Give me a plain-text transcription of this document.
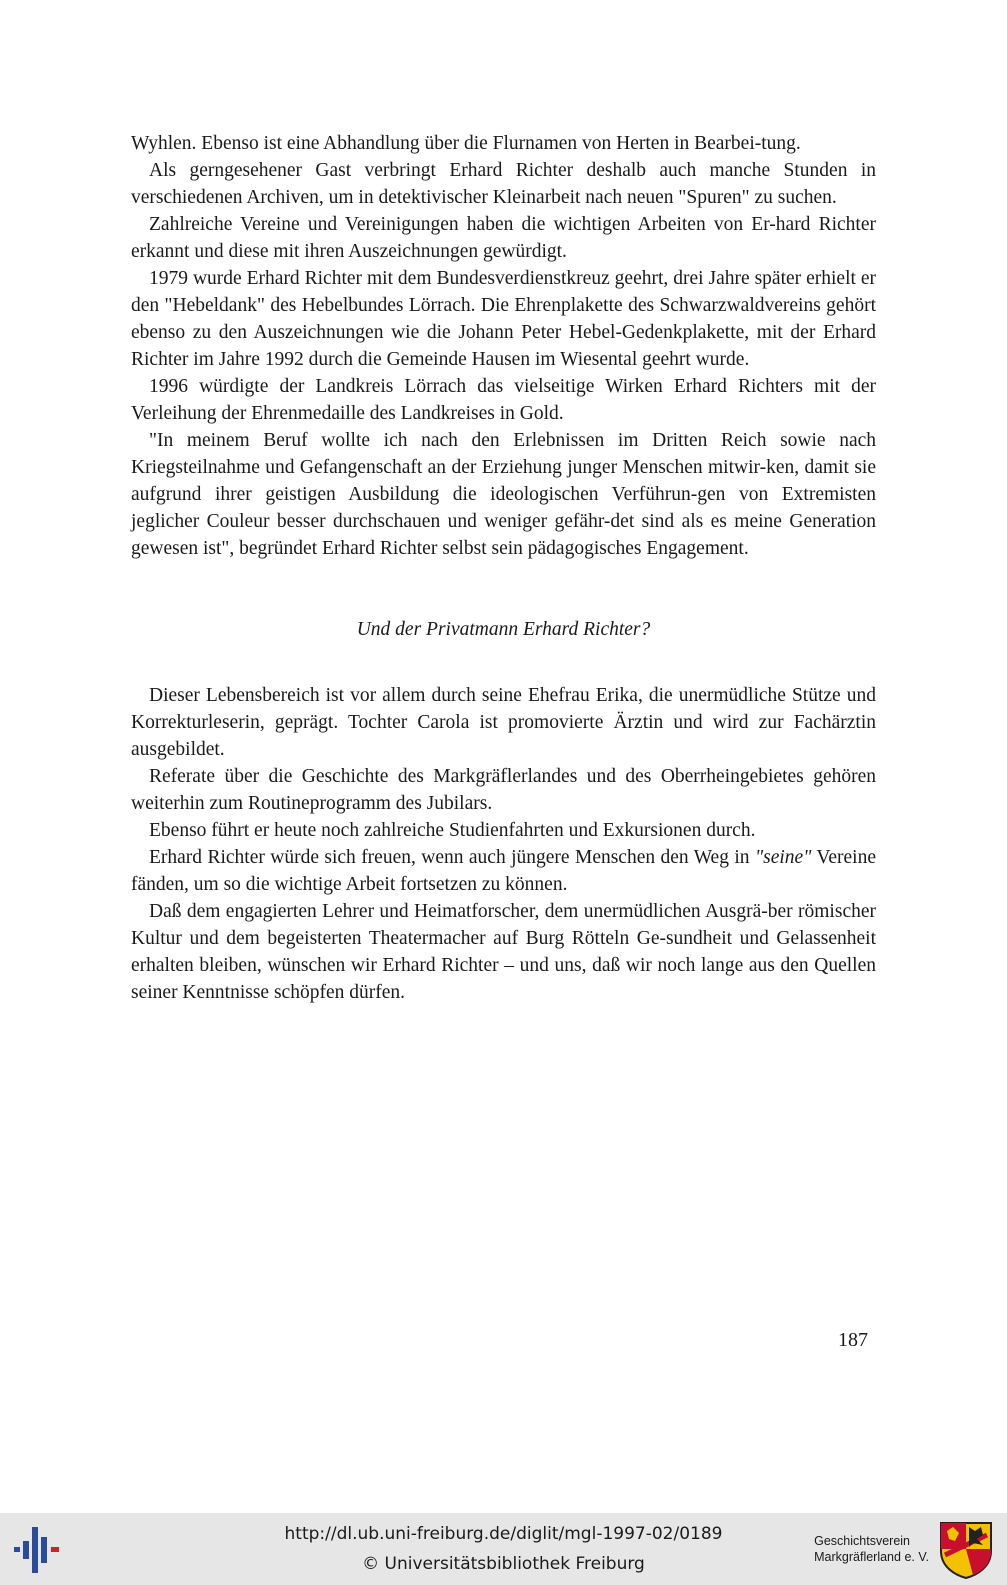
Wyhlen. Ebenso ist eine Abhandlung über die Flurnamen von Herten in Bearbei-tung.

Als gerngesehener Gast verbringt Erhard Richter deshalb auch manche Stunden in verschiedenen Archiven, um in detektivischer Kleinarbeit nach neuen "Spuren" zu suchen.

Zahlreiche Vereine und Vereinigungen haben die wichtigen Arbeiten von Er-hard Richter erkannt und diese mit ihren Auszeichnungen gewürdigt.

1979 wurde Erhard Richter mit dem Bundesverdienstkreuz geehrt, drei Jahre später erhielt er den "Hebeldank" des Hebelbundes Lörrach. Die Ehrenplakette des Schwarzwaldvereins gehört ebenso zu den Auszeichnungen wie die Johann Peter Hebel-Gedenkplakette, mit der Erhard Richter im Jahre 1992 durch die Gemeinde Hausen im Wiesental geehrt wurde.

1996 würdigte der Landkreis Lörrach das vielseitige Wirken Erhard Richters mit der Verleihung der Ehrenmedaille des Landkreises in Gold.

"In meinem Beruf wollte ich nach den Erlebnissen im Dritten Reich sowie nach Kriegsteilnahme und Gefangenschaft an der Erziehung junger Menschen mitwir-ken, damit sie aufgrund ihrer geistigen Ausbildung die ideologischen Verführun-gen von Extremisten jeglicher Couleur besser durchschauen und weniger gefähr-det sind als es meine Generation gewesen ist", begründet Erhard Richter selbst sein pädagogisches Engagement.

Und der Privatmann Erhard Richter?

Dieser Lebensbereich ist vor allem durch seine Ehefrau Erika, die unermüdliche Stütze und Korrekturleserin, geprägt. Tochter Carola ist promovierte Ärztin und wird zur Fachärztin ausgebildet.

Referate über die Geschichte des Markgräflerlandes und des Oberrheingebietes gehören weiterhin zum Routineprogramm des Jubilars.

Ebenso führt er heute noch zahlreiche Studienfahrten und Exkursionen durch.

Erhard Richter würde sich freuen, wenn auch jüngere Menschen den Weg in "seine" Vereine fänden, um so die wichtige Arbeit fortsetzen zu können.

Daß dem engagierten Lehrer und Heimatforscher, dem unermüdlichen Ausgrä-ber römischer Kultur und dem begeisterten Theatermacher auf Burg Rötteln Ge-sundheit und Gelassenheit erhalten bleiben, wünschen wir Erhard Richter – und uns, daß wir noch lange aus den Quellen seiner Kenntnisse schöpfen dürfen.

187
http://dl.ub.uni-freiburg.de/diglit/mgl-1997-02/0189
© Universitätsbibliothek Freiburg
Geschichtsverein
Markgräflerland e. V.
